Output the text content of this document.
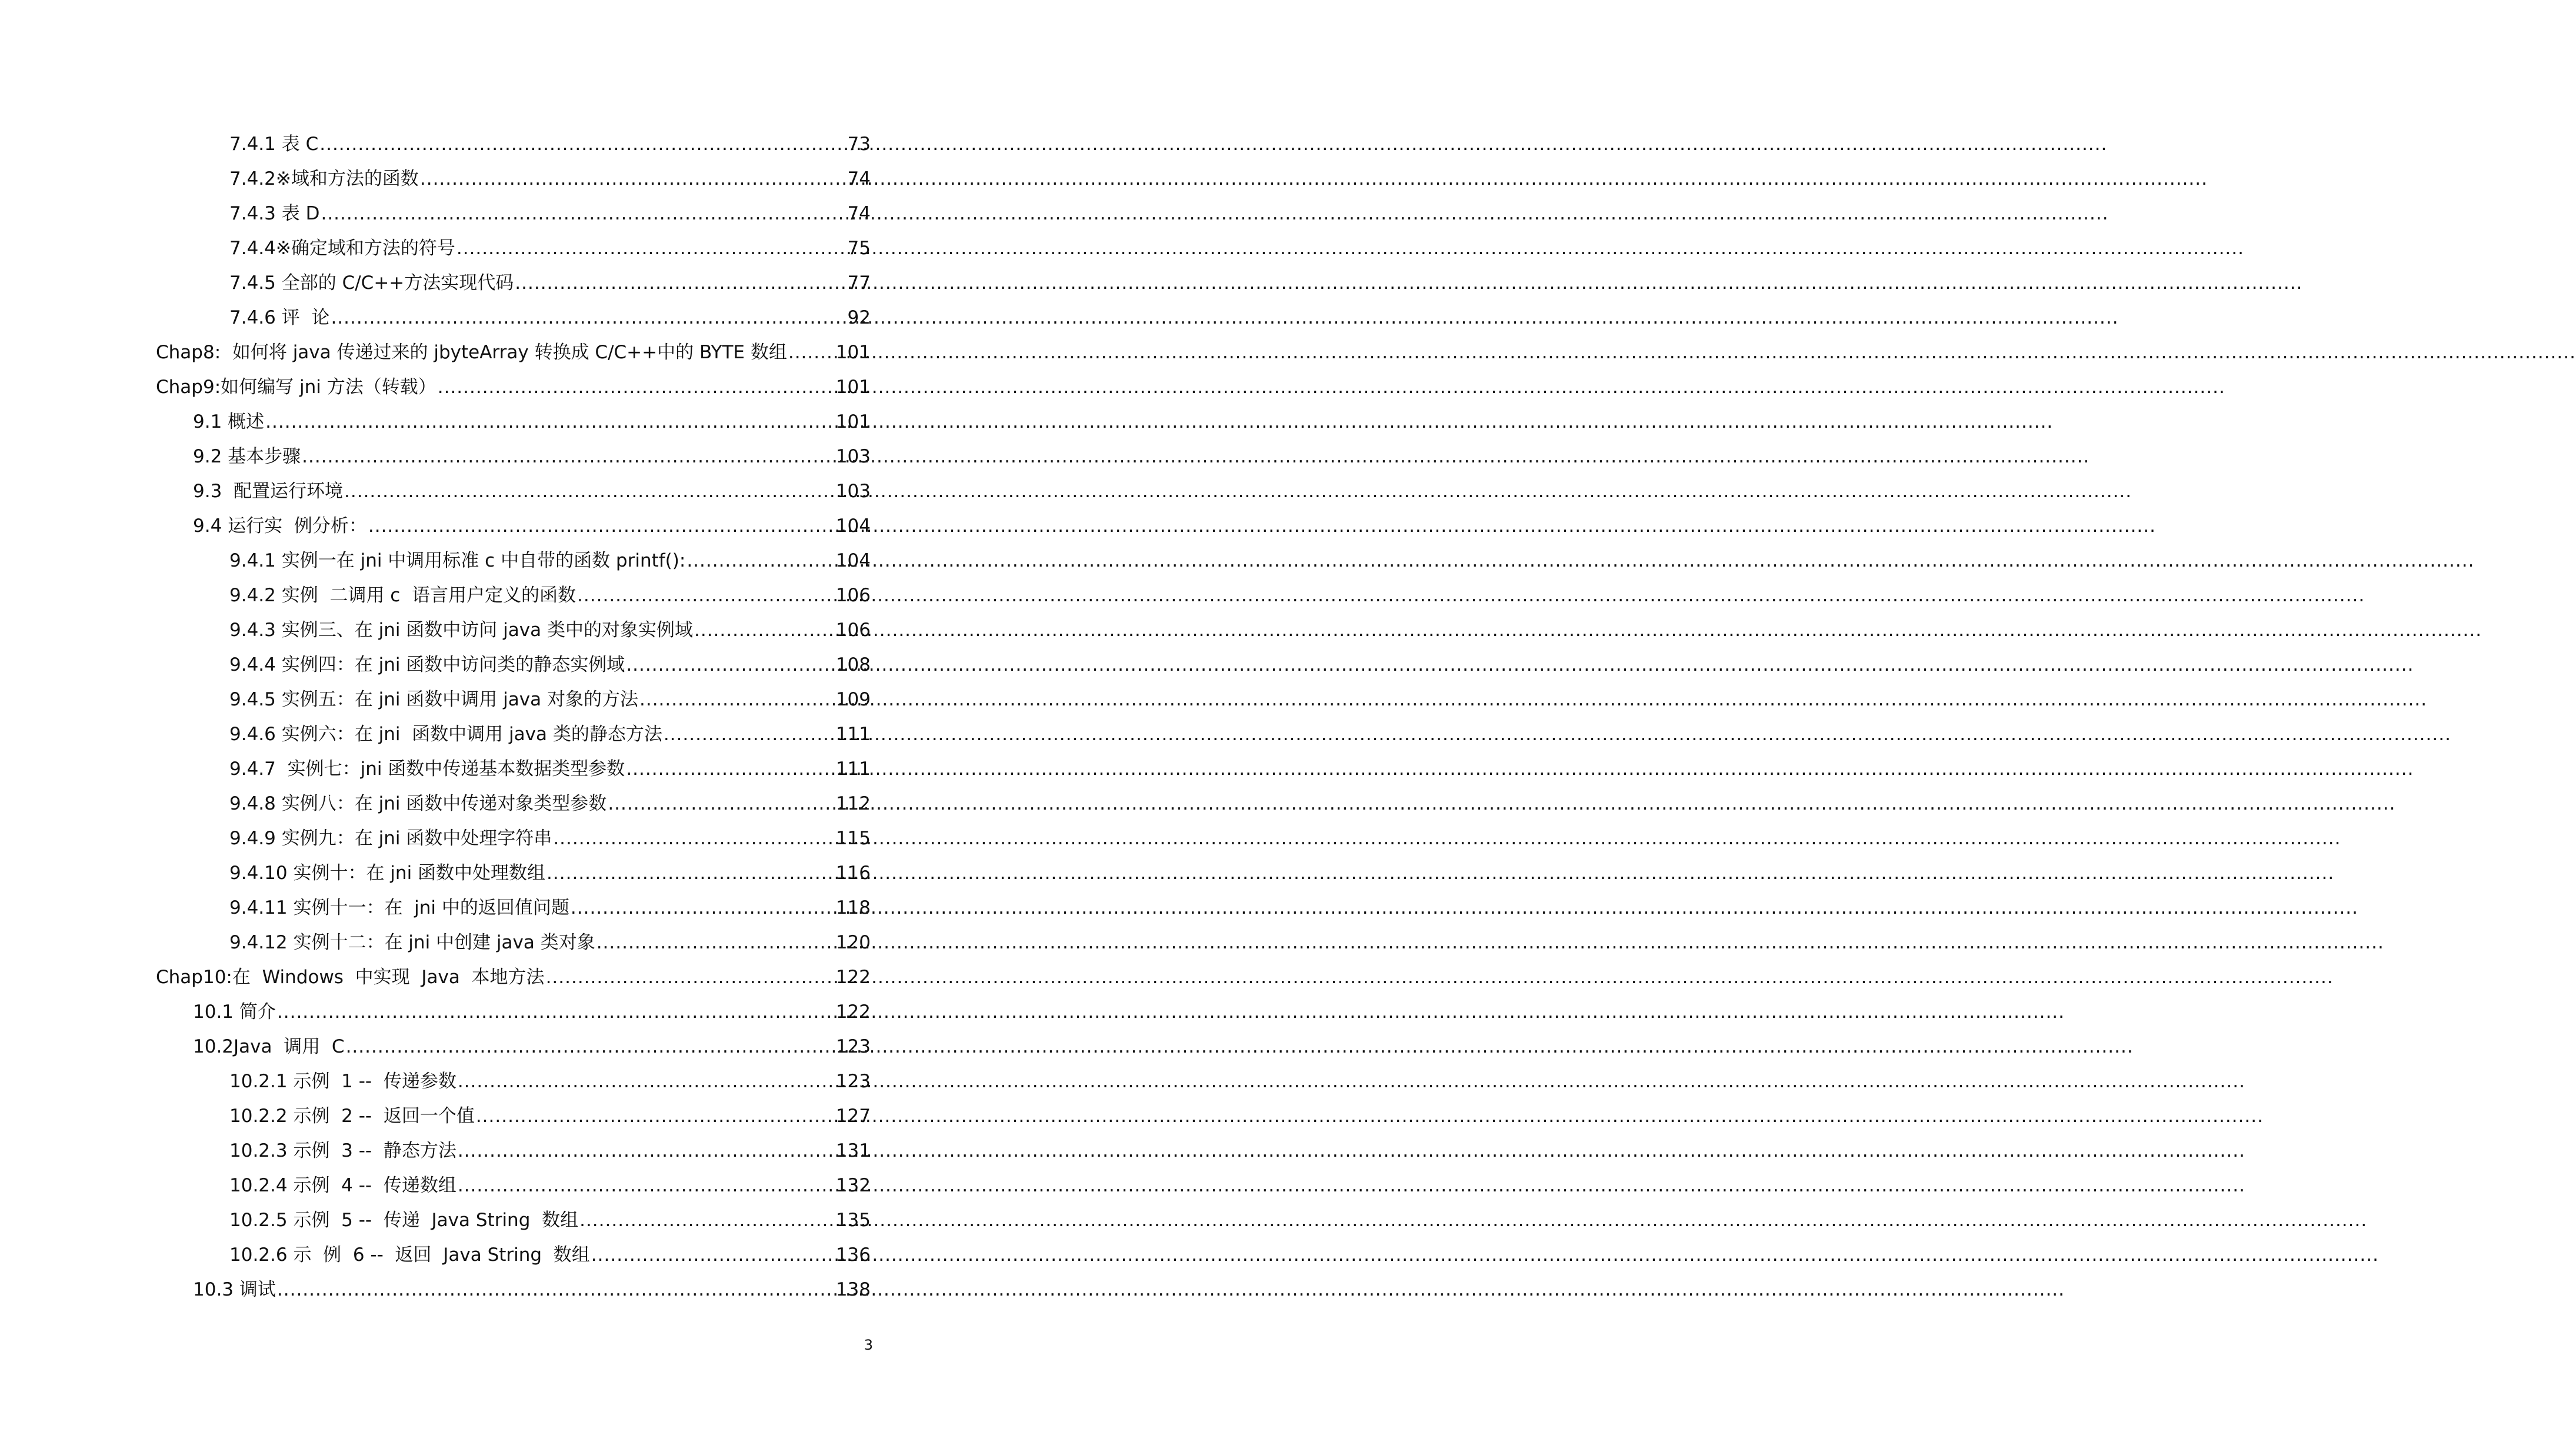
7.4.1 表 C .....	73
7.4.2※域和方法的函数 .....	74
7.4.3 表 D .....	74
7.4.4※确定域和方法的符号 .....	75
7.4.5 全部的 C/C++方法实现代码 .....	77
7.4.6 评  论 .....	92
Chap8:  如何将 java 传递过来的 jbyteArray 转换成 C/C++中的 BYTE 数组 .....	101
Chap9:如何编写 jni 方法（转载） .....	101
9.1 概述 .....	101
9.2 基本步骤 .....	103
9.3  配置运行环境 .....	103
9.4 运行实  例分析： .....	104
9.4.1 实例一在 jni 中调用标准 c 中自带的函数 printf(): .....	104
9.4.2 实例  二调用 c  语言用户定义的函数 .....	106
9.4.3 实例三、在 jni 函数中访问 java 类中的对象实例域 .....	106
9.4.4 实例四：在 jni 函数中访问类的静态实例域 .....	108
9.4.5 实例五：在 jni 函数中调用 java 对象的方法 .....	109
9.4.6 实例六：在 jni  函数中调用 java 类的静态方法 .....	111
9.4.7  实例七：jni 函数中传递基本数据类型参数 .....	111
9.4.8 实例八：在 jni 函数中传递对象类型参数 .....	112
9.4.9 实例九：在 jni 函数中处理字符串 .....	115
9.4.10 实例十：在 jni 函数中处理数组 .....	116
9.4.11 实例十一：在  jni 中的返回值问题 .....	118
9.4.12 实例十二：在 jni 中创建 java 类对象 .....	120
Chap10:在  Windows  中实现  Java  本地方法 .....	122
10.1 简介 .....	122
10.2Java  调用  C .....	123
10.2.1 示例  1 --  传递参数 .....	123
10.2.2 示例  2 --  返回一个值 .....	127
10.2.3 示例  3 --  静态方法 .....	131
10.2.4 示例  4 --  传递数组 .....	132
10.2.5 示例  5 --  传递  Java String  数组 .....	135
10.2.6 示  例  6 --  返回  Java String  数组 .....	136
10.3 调试 .....	138
3
